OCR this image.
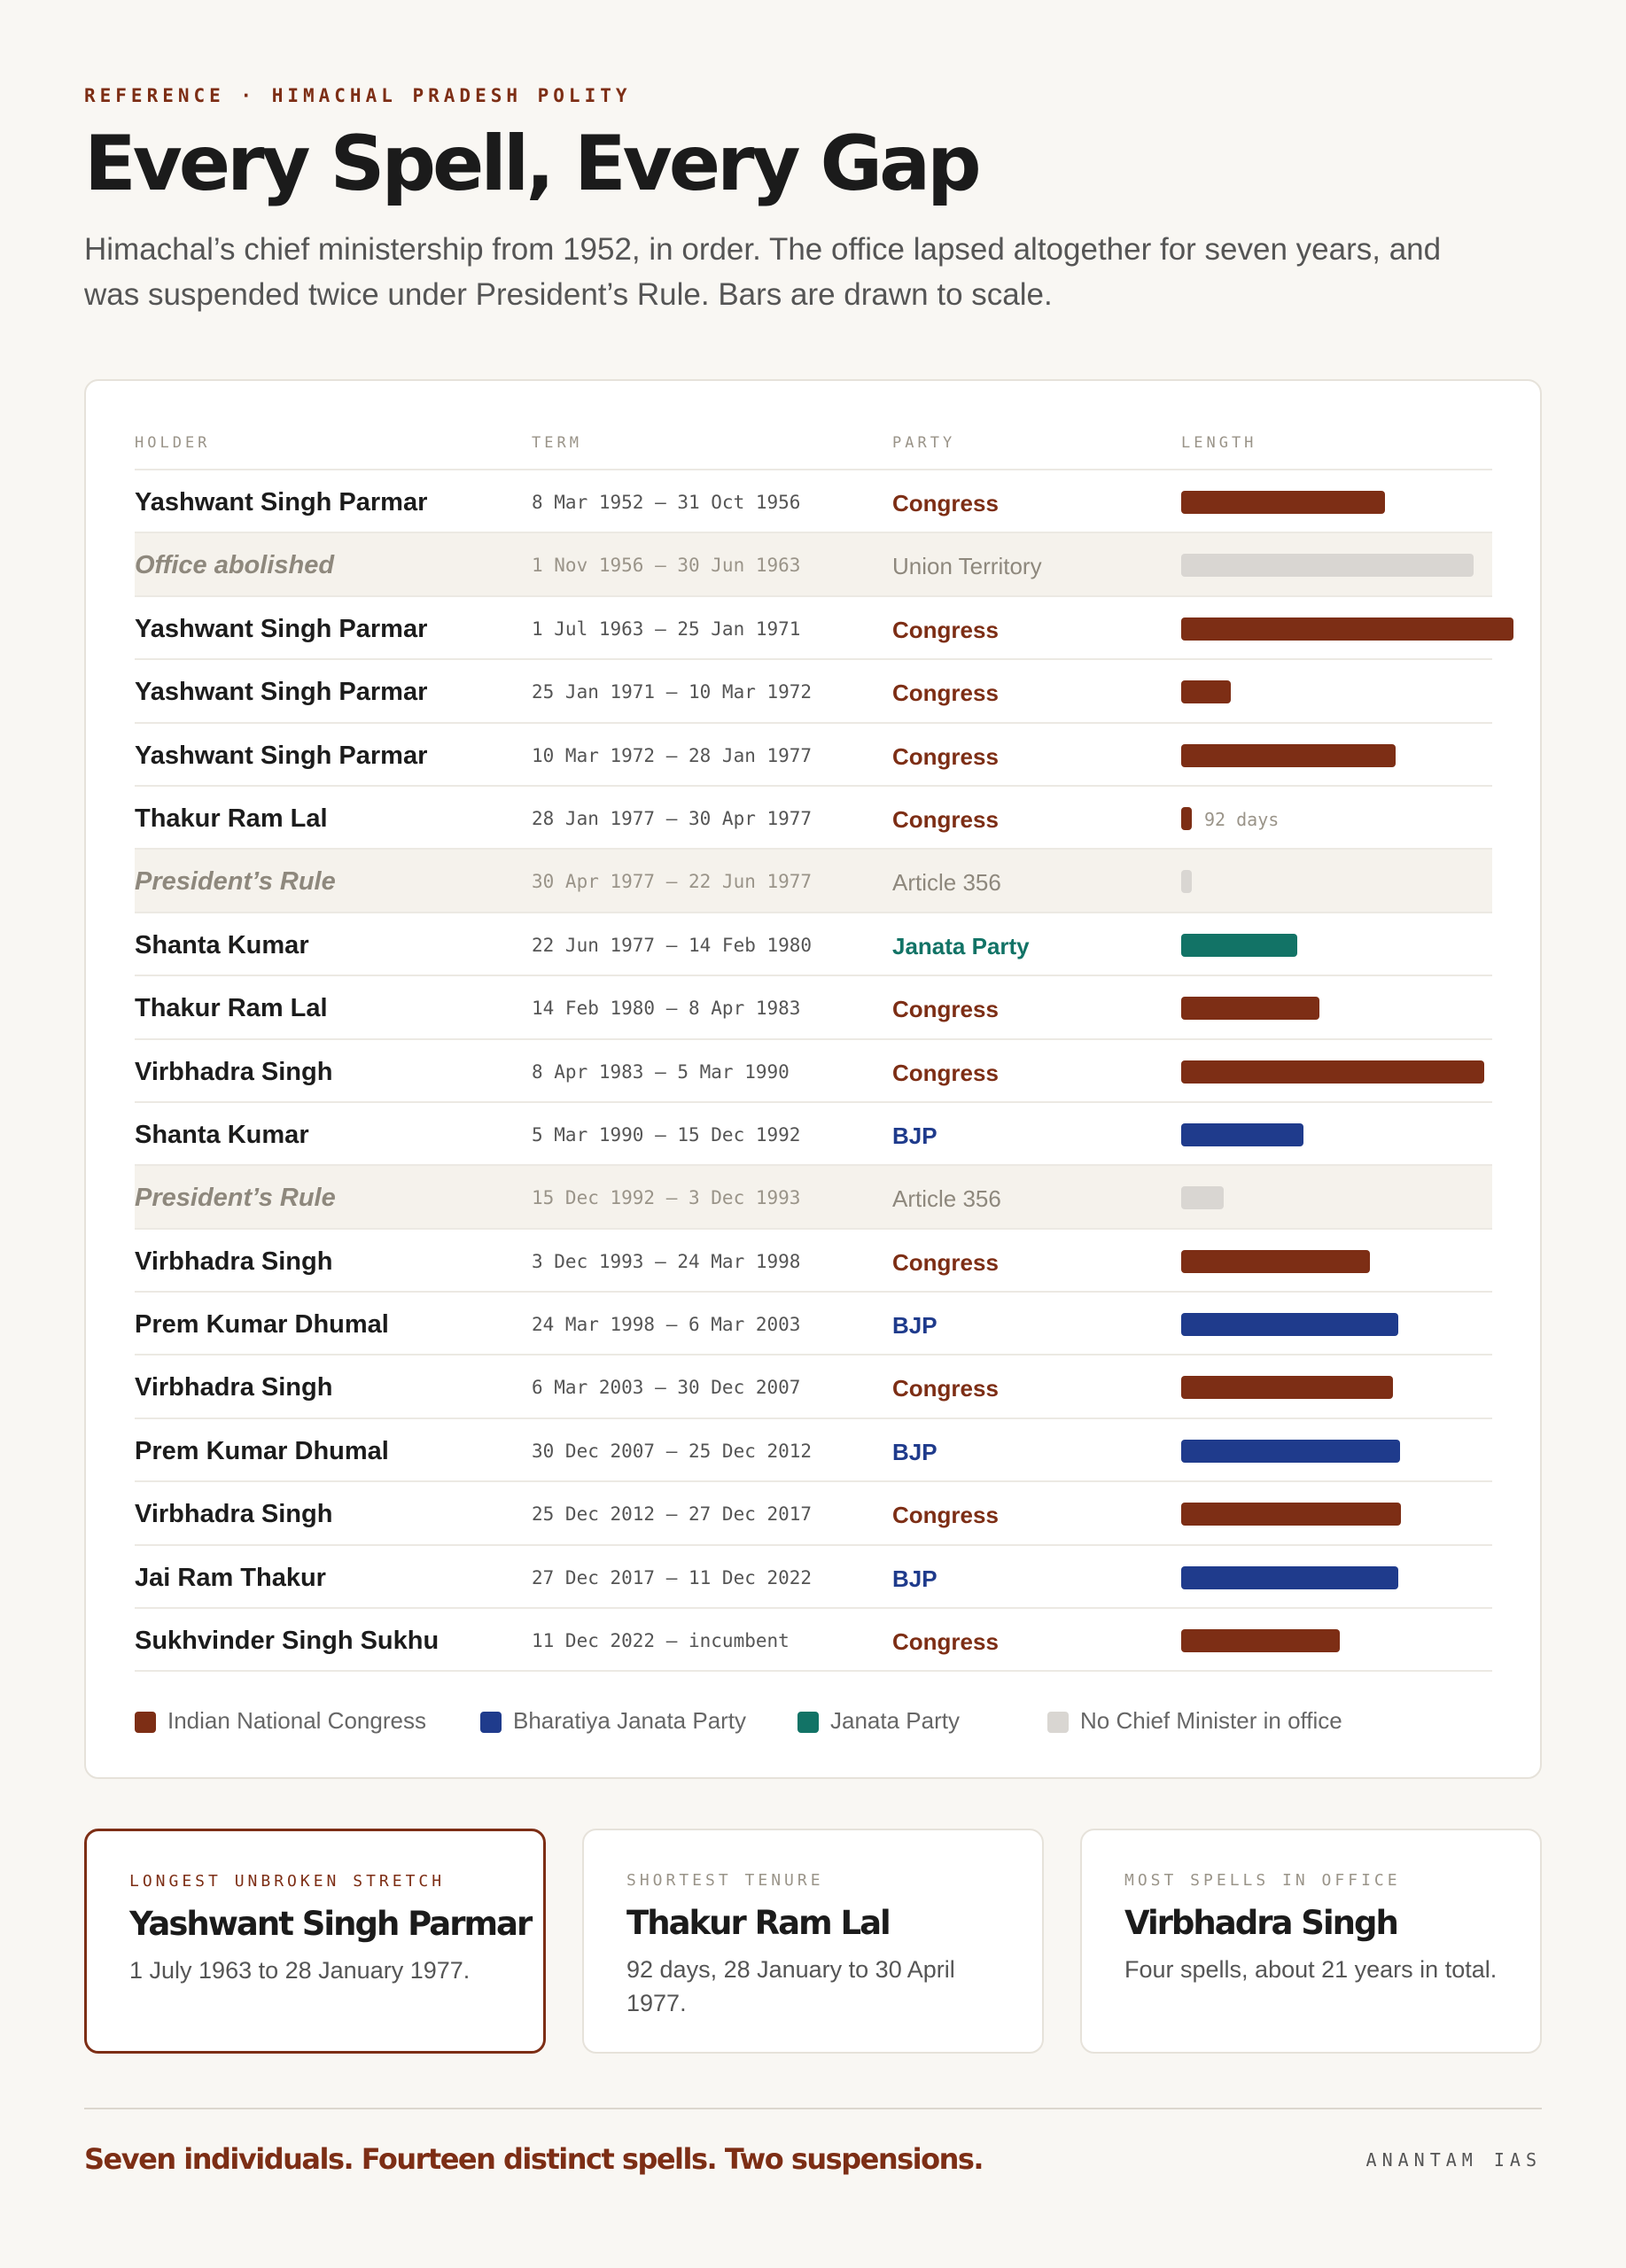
REFERENCE · HIMACHAL PRADESH POLITY
Every Spell, Every Gap

Himachal’s chief ministership from 1952, in order. The office lapsed altogether for seven years, and was suspended twice under President’s Rule. Bars are drawn to scale.

HOLDER	TERM	PARTY	LENGTH
Yashwant Singh Parmar	8 Mar 1952 – 31 Oct 1956	Congress
Office abolished	1 Nov 1956 – 30 Jun 1963	Union Territory
Yashwant Singh Parmar	1 Jul 1963 – 25 Jan 1971	Congress
Yashwant Singh Parmar	25 Jan 1971 – 10 Mar 1972	Congress
Yashwant Singh Parmar	10 Mar 1972 – 28 Jan 1977	Congress
Thakur Ram Lal	28 Jan 1977 – 30 Apr 1977	Congress	92 days
President’s Rule	30 Apr 1977 – 22 Jun 1977	Article 356
Shanta Kumar	22 Jun 1977 – 14 Feb 1980	Janata Party
Thakur Ram Lal	14 Feb 1980 – 8 Apr 1983	Congress
Virbhadra Singh	8 Apr 1983 – 5 Mar 1990	Congress
Shanta Kumar	5 Mar 1990 – 15 Dec 1992	BJP
President’s Rule	15 Dec 1992 – 3 Dec 1993	Article 356
Virbhadra Singh	3 Dec 1993 – 24 Mar 1998	Congress
Prem Kumar Dhumal	24 Mar 1998 – 6 Mar 2003	BJP
Virbhadra Singh	6 Mar 2003 – 30 Dec 2007	Congress
Prem Kumar Dhumal	30 Dec 2007 – 25 Dec 2012	BJP
Virbhadra Singh	25 Dec 2012 – 27 Dec 2017	Congress
Jai Ram Thakur	27 Dec 2017 – 11 Dec 2022	BJP
Sukhvinder Singh Sukhu	11 Dec 2022 – incumbent	Congress
Indian National Congress	Bharatiya Janata Party	Janata Party	No Chief Minister in office
LONGEST UNBROKEN STRETCH
Yashwant Singh Parmar
1 July 1963 to 28 January 1977.
SHORTEST TENURE
Thakur Ram Lal
92 days, 28 January to 30 April 1977.
MOST SPELLS IN OFFICE
Virbhadra Singh
Four spells, about 21 years in total.
Seven individuals. Fourteen distinct spells. Two suspensions.	ANANTAM IAS
